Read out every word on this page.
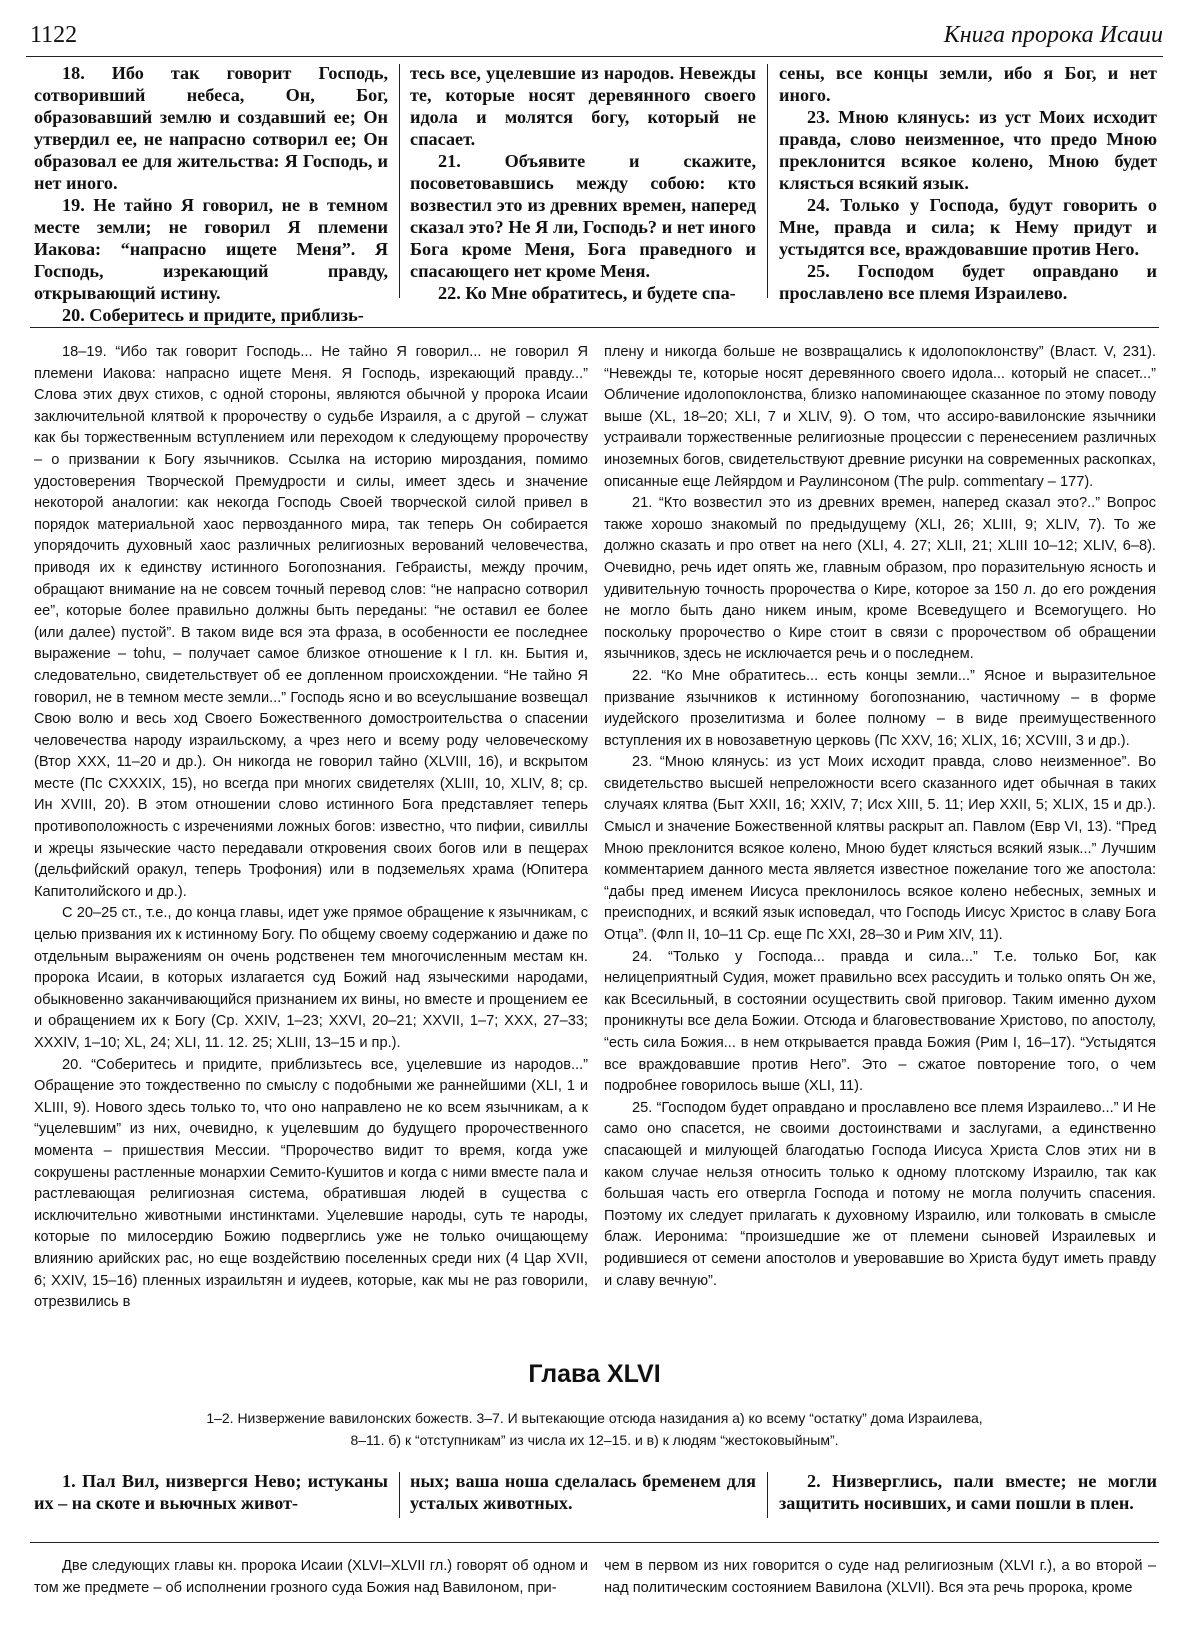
1122	Книга пророка Исаии

18. Ибо так говорит Господь, сотворивший небеса, Он, Бог, образовавший землю и создавший ее; Он утвердил ее, не напрасно сотворил ее; Он образовал ее для жительства: Я Господь, и нет иного.

19. Не тайно Я говорил, не в темном месте земли; не говорил Я племени Иакова: “напрасно ищете Меня”. Я Господь, изрекающий правду, открывающий истину.

20. Соберитесь и придите, приблизь-

тесь все, уцелевшие из народов. Невежды те, которые носят деревянного своего идола и молятся богу, который не спасает.

21. Объявите и скажите, посоветовавшись между собою: кто возвестил это из древних времен, наперед сказал это? Не Я ли, Господь? и нет иного Бога кроме Меня, Бога праведного и спасающего нет кроме Меня.

22. Ко Мне обратитесь, и будете спа-

сены, все концы земли, ибо я Бог, и нет иного.

23. Мною клянусь: из уст Моих исходит правда, слово неизменное, что предо Мною преклонится всякое колено, Мною будет клясться всякий язык.

24. Только у Господа, будут говорить о Мне, правда и сила; к Нему придут и устыдятся все, враждовавшие против Него.

25. Господом будет оправдано и прославлено все племя Израилево.

18–19. “Ибо так говорит Господь... Не тайно Я говорил... не говорил Я племени Иакова: напрасно ищете Меня. Я Господь, изрекающий правду...” Слова этих двух стихов, с одной стороны, являются обычной у пророка Исаии заключительной клятвой к пророчеству о судьбе Израиля, а с другой – служат как бы торжественным вступлением или переходом к следующему пророчеству – о призвании к Богу язычников. Ссылка на историю мироздания, помимо удостоверения Творческой Премудрости и силы, имеет здесь и значение некоторой аналогии: как некогда Господь Своей творческой силой привел в порядок материальной хаос первозданного мира, так теперь Он собирается упорядочить духовный хаос различных религиозных верований человечества, приводя их к единству истинного Богопознания. Гебраисты, между прочим, обращают внимание на не совсем точный перевод слов: “не напрасно сотворил ее”, которые более правильно должны быть переданы: “не оставил ее более (или далее) пустой”. В таком виде вся эта фраза, в особенности ее последнее выражение – tohu, – получает самое близкое отношение к I гл. кн. Бытия и, следовательно, свидетельствует об ее допленном происхождении. “Не тайно Я говорил, не в темном месте земли...” Господь ясно и во всеуслышание возвещал Свою волю и весь ход Своего Божественного домостроительства о спасении человечества народу израильскому, а чрез него и всему роду человеческому (Втор XXX, 11–20 и др.). Он никогда не говорил тайно (XLVIII, 16), и вскрытом месте (Пс CXXXIX, 15), но всегда при многих свидетелях (XLIII, 10, XLIV, 8; ср. Ин XVIII, 20). В этом отношении слово истинного Бога представляет теперь противоположность с изречениями ложных богов: известно, что пифии, сивиллы и жрецы языческие часто передавали откровения своих богов или в пещерах (дельфийский оракул, теперь Трофония) или в подземельях храма (Юпитера Капитолийского и др.).

С 20–25 ст., т.е., до конца главы, идет уже прямое обращение к язычникам, с целью призвания их к истинному Богу. По общему своему содержанию и даже по отдельным выражениям он очень родственен тем многочисленным местам кн. пророка Исаии, в которых излагается суд Божий над языческими народами, обыкновенно заканчивающийся признанием их вины, но вместе и прощением ее и обращением их к Богу (Ср. XXIV, 1–23; XXVI, 20–21; XXVII, 1–7; XXX, 27–33; XXXIV, 1–10; XL, 24; XLI, 11. 12. 25; XLIII, 13–15 и пр.).

20. “Соберитесь и придите, приблизьтесь все, уцелевшие из народов...” Обращение это тождественно по смыслу с подобными же раннейшими (XLI, 1 и XLIII, 9). Нового здесь только то, что оно направлено не ко всем язычникам, а к “уцелевшим” из них, очевидно, к уцелевшим до будущего пророчественного момента – пришествия Мессии. “Пророчество видит то время, когда уже сокрушены растленные монархии Семито-Кушитов и когда с ними вместе пала и растлевающая религиозная система, обратившая людей в существа с исключительно животными инстинктами. Уцелевшие народы, суть те народы, которые по милосердию Божию подверглись уже не только очищающему влиянию арийских рас, но еще воздействию поселенных среди них (4 Цар XVII, 6; XXIV, 15–16) пленных израильтян и иудеев, которые, как мы не раз говорили, отрезвились в

плену и никогда больше не возвращались к идолопоклонству” (Власт. V, 231). “Невежды те, которые носят деревянного своего идола... который не спасет...” Обличение идолопоклонства, близко напоминающее сказанное по этому поводу выше (XL, 18–20; XLI, 7 и XLIV, 9). О том, что ассиро-вавилонские язычники устраивали торжественные религиозные процессии с перенесением различных иноземных богов, свидетельствуют древние рисунки на современных раскопках, описанные еще Лейярдом и Раулинсоном (The pulp. commentary – 177).

21. “Кто возвестил это из древних времен, наперед сказал это?..” Вопрос также хорошо знакомый по предыдущему (XLI, 26; XLIII, 9; XLIV, 7). То же должно сказать и про ответ на него (XLI, 4. 27; XLII, 21; XLIII 10–12; XLIV, 6–8). Очевидно, речь идет опять же, главным образом, про поразительную ясность и удивительную точность пророчества о Кире, которое за 150 л. до его рождения не могло быть дано никем иным, кроме Всеведущего и Всемогущего. Но поскольку пророчество о Кире стоит в связи с пророчеством об обращении язычников, здесь не исключается речь и о последнем.

22. “Ко Мне обратитесь... есть концы земли...” Ясное и выразительное призвание язычников к истинному богопознанию, частичному – в форме иудейского прозелитизма и более полному – в виде преимущественного вступления их в новозаветную церковь (Пс XXV, 16; XLIX, 16; XCVIII, 3 и др.).

23. “Мною клянусь: из уст Моих исходит правда, слово неизменное”. Во свидетельство высшей непреложности всего сказанного идет обычная в таких случаях клятва (Быт XXII, 16; XXIV, 7; Исх XIII, 5. 11; Иер XXII, 5; XLIX, 15 и др.). Смысл и значение Божественной клятвы раскрыт ап. Павлом (Евр VI, 13). “Пред Мною преклонится всякое колено, Мною будет клясться всякий язык...” Лучшим комментарием данного места является известное пожелание того же апостола: “дабы пред именем Иисуса преклонилось всякое колено небесных, земных и преисподних, и всякий язык исповедал, что Господь Иисус Христос в славу Бога Отца”. (Флп II, 10–11 Ср. еще Пс XXI, 28–30 и Рим XIV, 11).

24. “Только у Господа... правда и сила...” Т.е. только Бог, как нелицеприятный Судия, может правильно всех рассудить и только опять Он же, как Всесильный, в состоянии осуществить свой приговор. Таким именно духом проникнуты все дела Божии. Отсюда и благовествование Христово, по апостолу, “есть сила Божия... в нем открывается правда Божия (Рим I, 16–17). “Устыдятся все враждовавшие против Него”. Это – сжатое повторение того, о чем подробнее говорилось выше (XLI, 11).

25. “Господом будет оправдано и прославлено все племя Израилево...” И Не само оно спасется, не своими достоинствами и заслугами, а единственно спасающей и милующей благодатью Господа Иисуса Христа Слов этих ни в каком случае нельзя относить только к одному плотскому Израилю, так как большая часть его отвергла Господа и потому не могла получить спасения. Поэтому их следует прилагать к духовному Израилю, или толковать в смысле блаж. Иеронима: “произшедшие же от племени сыновей Израилевых и родившиеся от семени апостолов и уверовавшие во Христа будут иметь правду и славу вечную”.

Глава XLVI
1–2. Низвержение вавилонских божеств. 3–7. И вытекающие отсюда назидания а) ко всему “остатку” дома Израилева,
8–11. б) к “отступникам” из числа их 12–15. и в) к людям “жестоковыйным”.

1. Пал Вил, низвергся Нево; истуканы их – на скоте и вьючных живот-

ных; ваша ноша сделалась бременем для усталых животных.

2. Низверглись, пали вместе; не могли защитить носивших, и сами пошли в плен.

Две следующих главы кн. пророка Исаии (XLVI–XLVII гл.) говорят об одном и том же предмете – об исполнении грозного суда Божия над Вавилоном, при-

чем в первом из них говорится о суде над религиозным (XLVI г.), а во второй – над политическим состоянием Вавилона (XLVII). Вся эта речь пророка, кроме
